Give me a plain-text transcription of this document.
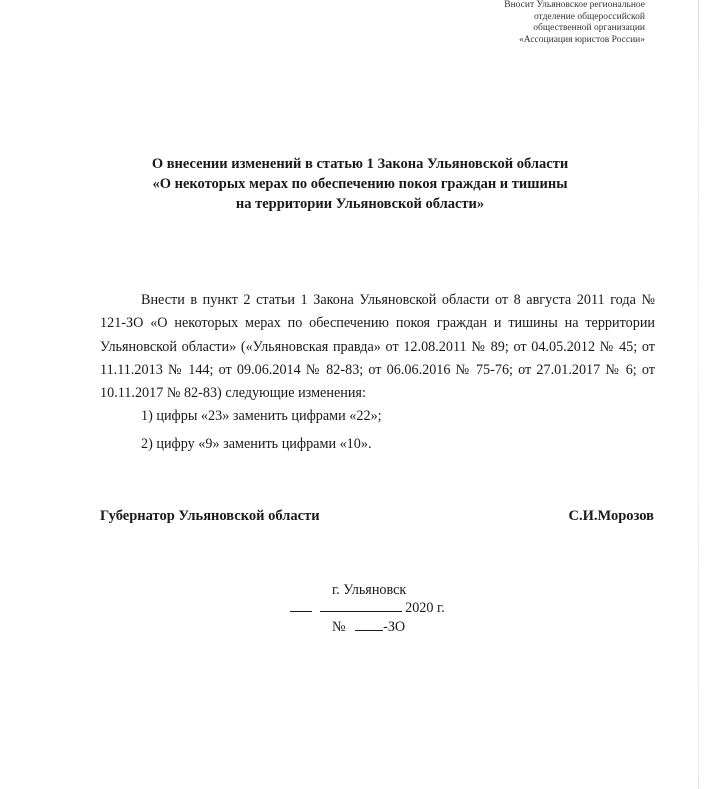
Вносит Ульяновское региональное
отделение общероссийской
общественной организации
«Ассоциация юристов России»
О внесении изменений в статью 1 Закона Ульяновской области
«О некоторых мерах по обеспечению покоя граждан и тишины
на территории Ульяновской области»
Внести в пункт 2 статьи 1 Закона Ульяновской области от 8 августа 2011 года № 121-ЗО «О некоторых мерах по обеспечению покоя граждан и тишины на территории Ульяновской области» («Ульяновская правда» от 12.08.2011 № 89; от 04.05.2012 № 45; от 11.11.2013 № 144; от 09.06.2014 № 82-83; от 06.06.2016 № 75-76; от 27.01.2017 № 6; от 10.11.2017 № 82-83) следующие изменения:
1) цифры «23» заменить цифрами «22»;
2) цифру «9» заменить цифрами «10».
Губернатор Ульяновской области	С.И.Морозов
г. Ульяновск
2020 г.
№	-ЗО
